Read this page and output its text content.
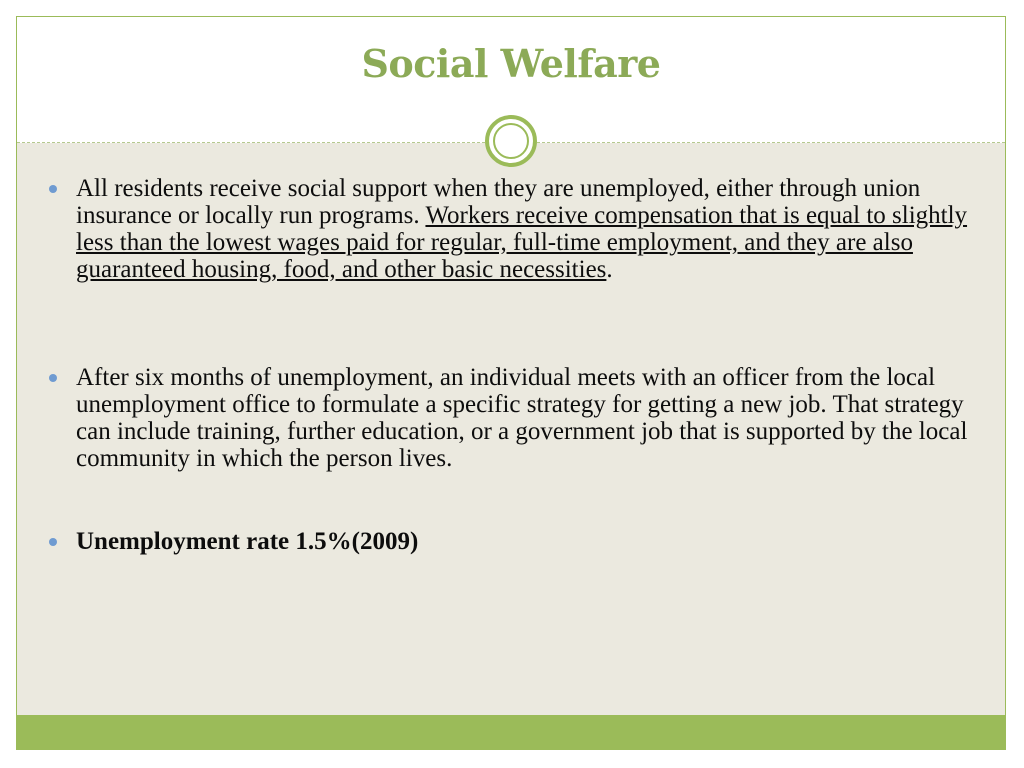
Social Welfare
All residents receive social support when they are unemployed, either through union insurance or locally run programs. Workers receive compensation that is equal to slightly less than the lowest wages paid for regular, full-time employment, and they are also guaranteed housing, food, and other basic necessities.
After six months of unemployment, an individual meets with an officer from the local unemployment office to formulate a specific strategy for getting a new job. That strategy can include training, further education, or a government job that is supported by the local community in which the person lives.
Unemployment rate 1.5%(2009)
